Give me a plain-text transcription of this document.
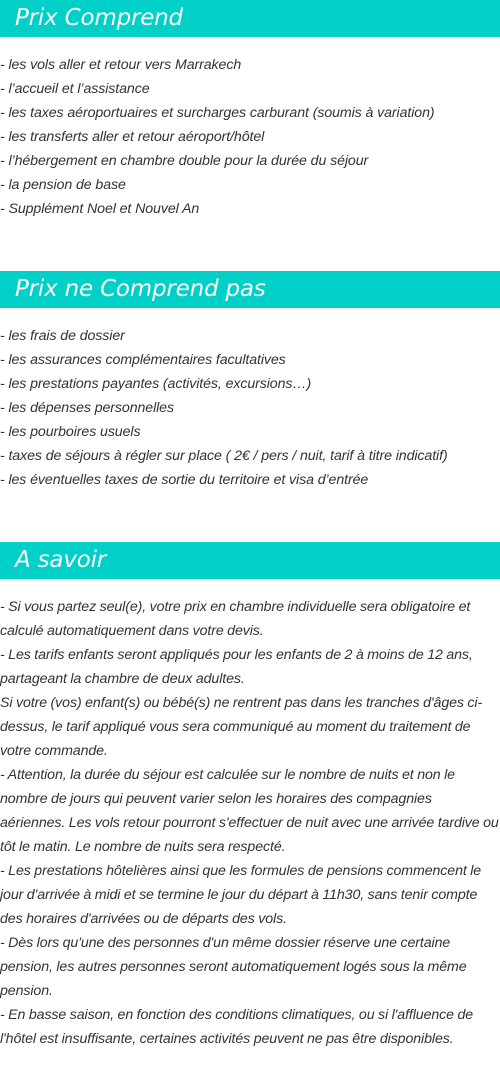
Prix Comprend
- les vols aller et retour vers Marrakech
- l’accueil et l’assistance
- les taxes aéroportuaires et surcharges carburant (soumis à variation)
- les transferts aller et retour aéroport/hôtel
- l’hébergement en chambre double pour la durée du séjour
- la pension de base
- Supplément Noel et Nouvel An
Prix ne Comprend pas
- les frais de dossier
- les assurances complémentaires facultatives
- les prestations payantes (activités, excursions…)
- les dépenses personnelles
- les pourboires usuels
- taxes de séjours à régler sur place ( 2€ / pers / nuit, tarif à titre indicatif)
- les éventuelles taxes de sortie du territoire et visa d’entrée
A savoir

- Si vous partez seul(e), votre prix en chambre individuelle sera obligatoire et calculé automatiquement dans votre devis.

- Les tarifs enfants seront appliqués pour les enfants de 2 à moins de 12 ans, partageant la chambre de deux adultes.

Si votre (vos) enfant(s) ou bébé(s) ne rentrent pas dans les tranches d'âges ci-dessus, le tarif appliqué vous sera communiqué au moment du traitement de votre commande.

- Attention, la durée du séjour est calculée sur le nombre de nuits et non le nombre de jours qui peuvent varier selon les horaires des compagnies aériennes. Les vols retour pourront s'effectuer de nuit avec une arrivée tardive ou tôt le matin. Le nombre de nuits sera respecté.

- Les prestations hôtelières ainsi que les formules de pensions commencent le jour d'arrivée à midi et se termine le jour du départ à 11h30, sans tenir compte des horaires d'arrivées ou de départs des vols.

- Dès lors qu'une des personnes d'un même dossier réserve une certaine pension, les autres personnes seront automatiquement logés sous la même pension.

- En basse saison, en fonction des conditions climatiques, ou si l'affluence de l'hôtel est insuffisante, certaines activités peuvent ne pas être disponibles.
